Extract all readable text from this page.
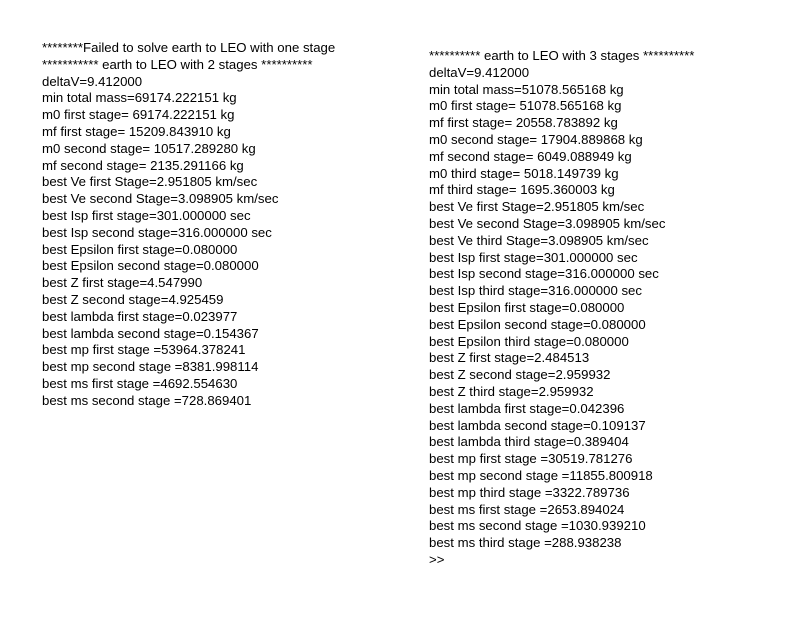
********Failed to solve earth to LEO with one stage
*********** earth to LEO with 2 stages **********
deltaV=9.412000
min total mass=69174.222151 kg
m0 first stage= 69174.222151 kg
mf first stage= 15209.843910 kg
m0 second stage= 10517.289280 kg
mf second stage= 2135.291166 kg
best Ve first Stage=2.951805 km/sec
best Ve second Stage=3.098905 km/sec
best Isp first stage=301.000000 sec
best Isp second stage=316.000000 sec
best Epsilon first stage=0.080000
best Epsilon second stage=0.080000
best Z first stage=4.547990
best Z second stage=4.925459
best lambda first stage=0.023977
best lambda second stage=0.154367
best mp first stage =53964.378241
best mp second stage =8381.998114
best ms first stage =4692.554630
best ms second stage =728.869401
********** earth to LEO with 3 stages **********
deltaV=9.412000
min total mass=51078.565168 kg
m0 first stage= 51078.565168 kg
mf first stage= 20558.783892 kg
m0 second stage= 17904.889868 kg
mf second stage= 6049.088949 kg
m0 third stage= 5018.149739 kg
mf third stage= 1695.360003 kg
best Ve first Stage=2.951805 km/sec
best Ve second Stage=3.098905 km/sec
best Ve third Stage=3.098905 km/sec
best Isp first stage=301.000000 sec
best Isp second stage=316.000000 sec
best Isp third stage=316.000000 sec
best Epsilon first stage=0.080000
best Epsilon second stage=0.080000
best Epsilon third stage=0.080000
best Z first stage=2.484513
best Z second stage=2.959932
best Z third stage=2.959932
best lambda first stage=0.042396
best lambda second stage=0.109137
best lambda third stage=0.389404
best mp first stage =30519.781276
best mp second stage =11855.800918
best mp third stage =3322.789736
best ms first stage =2653.894024
best ms second stage =1030.939210
best ms third stage =288.938238
>>
